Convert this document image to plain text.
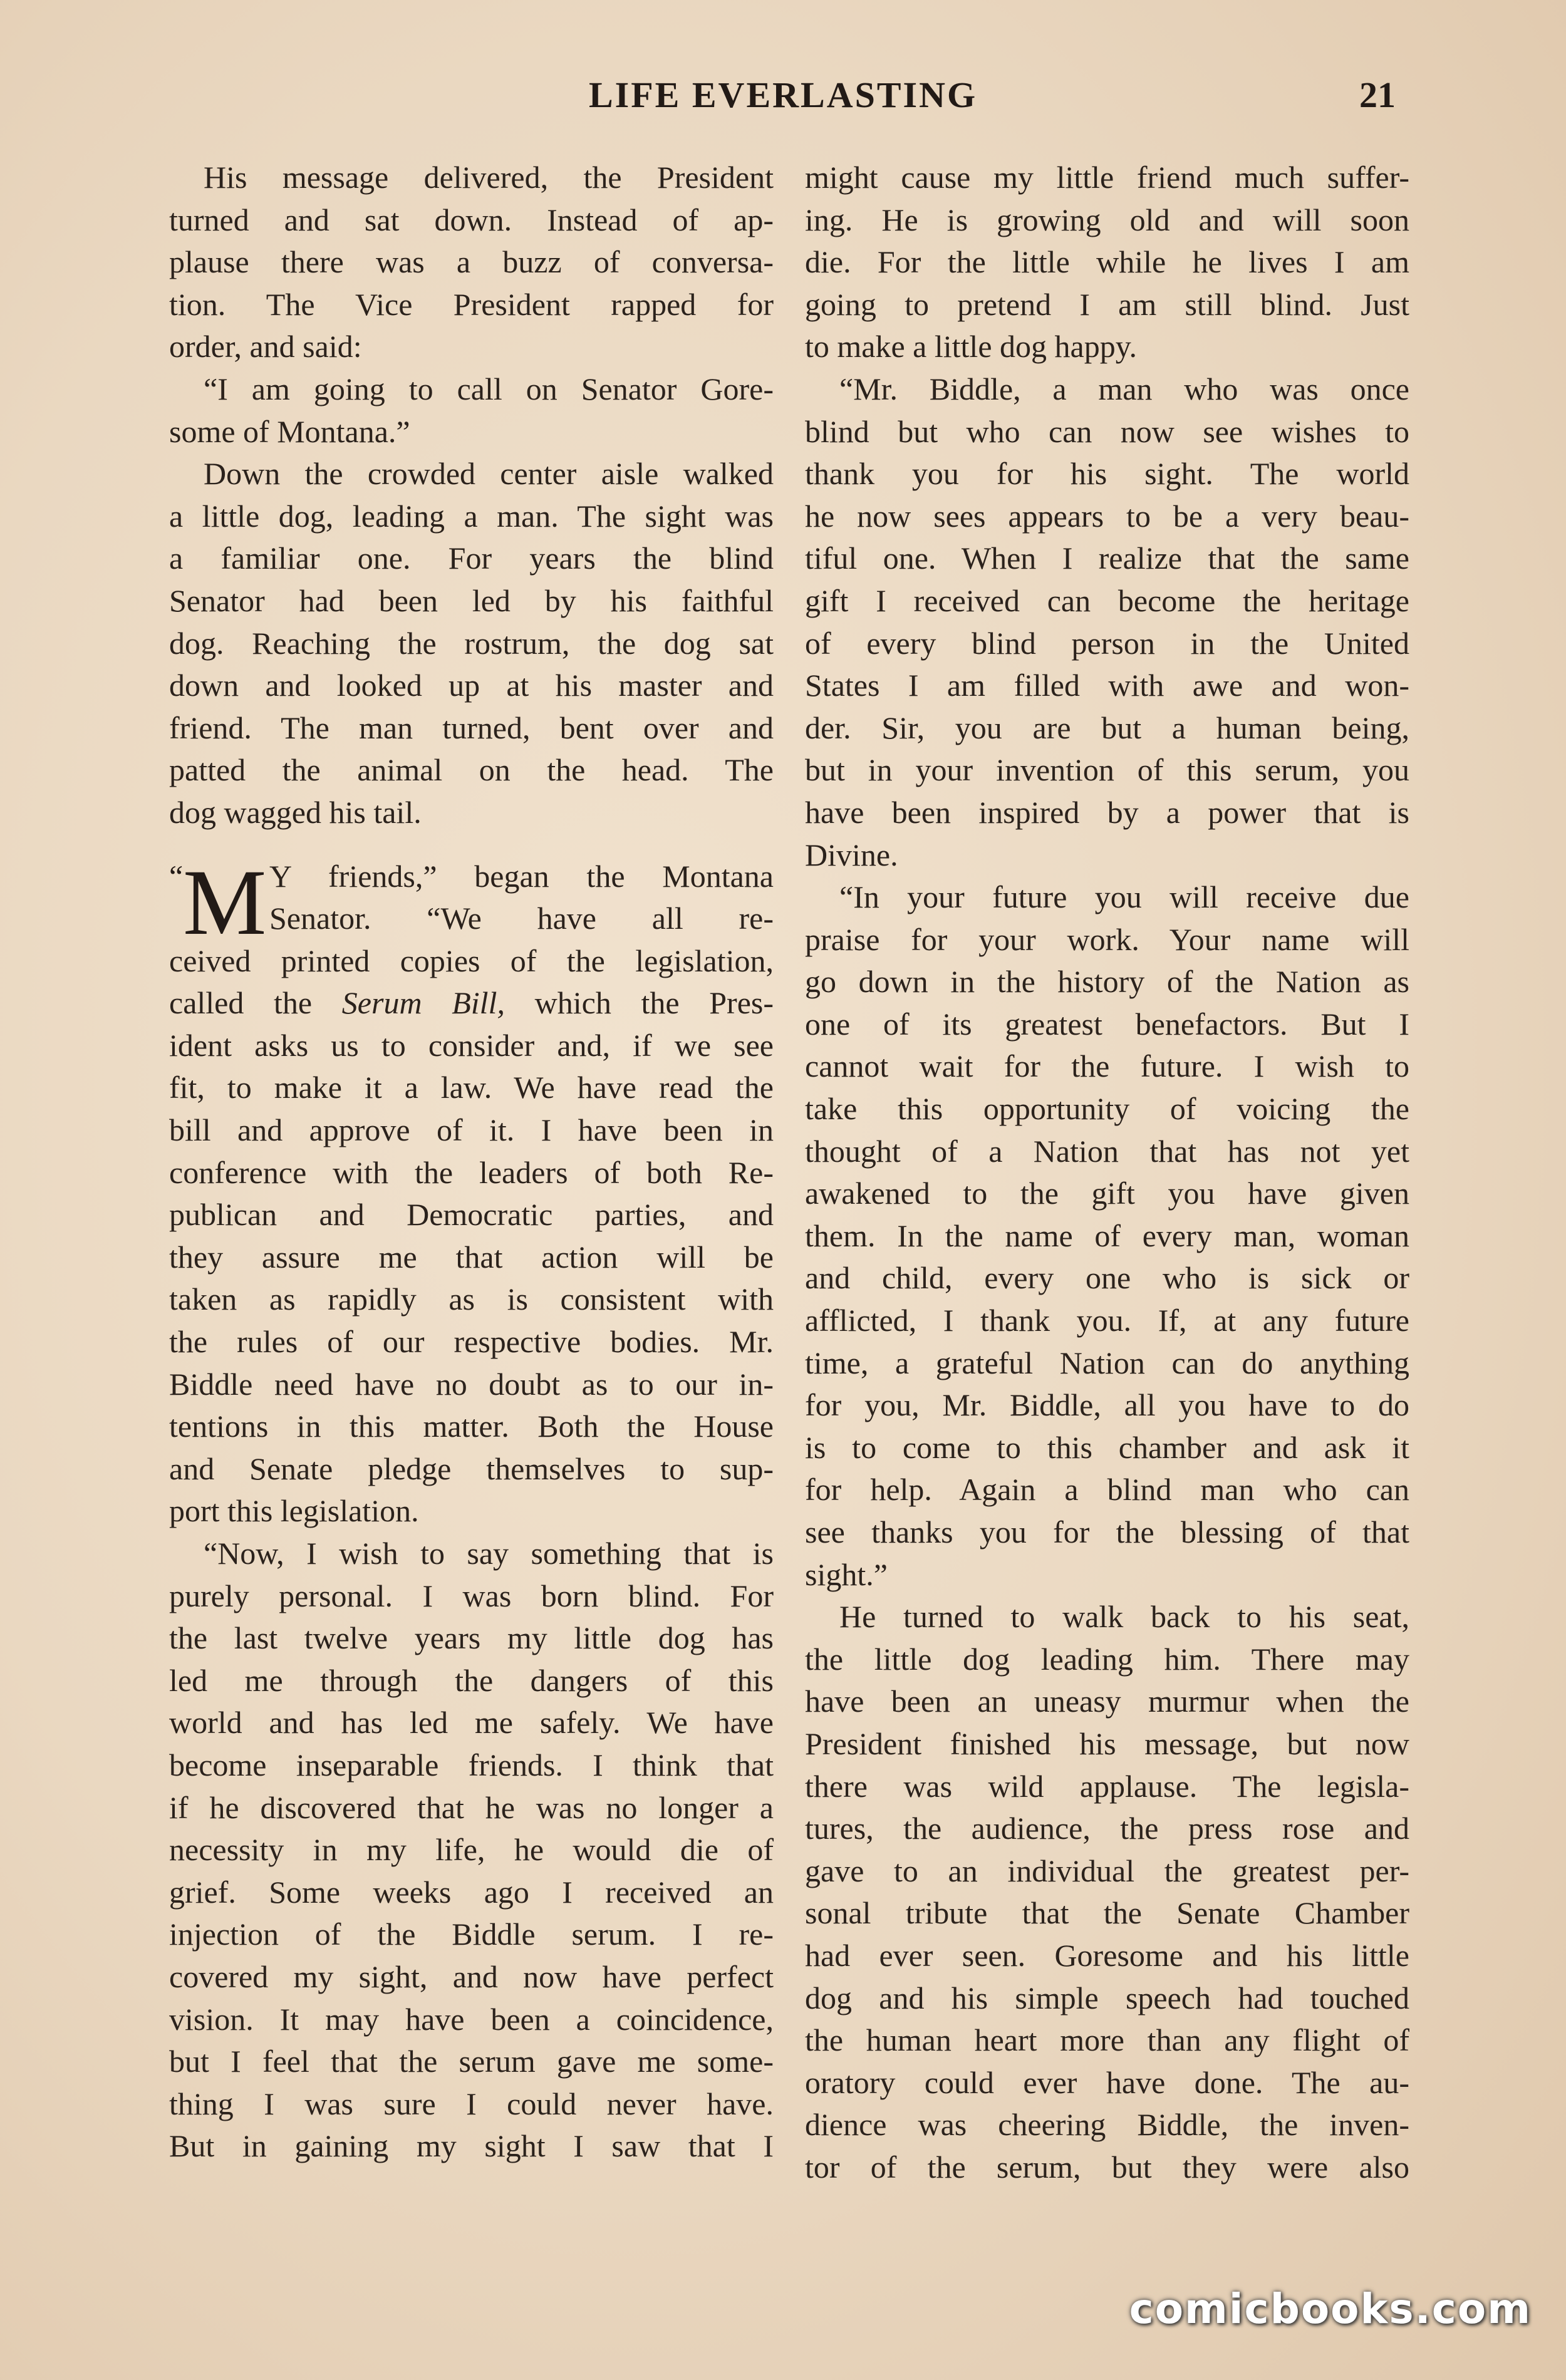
LIFE EVERLASTING	21
His message delivered, the President
turned and sat down. Instead of ap-
plause there was a buzz of conversa-
tion. The Vice President rapped for
order, and said:
“I am going to call on Senator Gore-
some of Montana.”
Down the crowded center aisle walked
a little dog, leading a man. The sight was
a familiar one. For years the blind
Senator had been led by his faithful
dog. Reaching the rostrum, the dog sat
down and looked up at his master and
friend. The man turned, bent over and
patted the animal on the head. The
dog wagged his tail.
“ M Y friends,” began the Montana
Senator. “We have all re-
ceived printed copies of the legislation,
called the Serum Bill, which the Pres-
ident asks us to consider and, if we see
fit, to make it a law. We have read the
bill and approve of it. I have been in
conference with the leaders of both Re-
publican and Democratic parties, and
they assure me that action will be
taken as rapidly as is consistent with
the rules of our respective bodies. Mr.
Biddle need have no doubt as to our in-
tentions in this matter. Both the House
and Senate pledge themselves to sup-
port this legislation.
“Now, I wish to say something that is
purely personal. I was born blind. For
the last twelve years my little dog has
led me through the dangers of this
world and has led me safely. We have
become inseparable friends. I think that
if he discovered that he was no longer a
necessity in my life, he would die of
grief. Some weeks ago I received an
injection of the Biddle serum. I re-
covered my sight, and now have perfect
vision. It may have been a coincidence,
but I feel that the serum gave me some-
thing I was sure I could never have.
But in gaining my sight I saw that I
might cause my little friend much suffer-
ing. He is growing old and will soon
die. For the little while he lives I am
going to pretend I am still blind. Just
to make a little dog happy.
“Mr. Biddle, a man who was once
blind but who can now see wishes to
thank you for his sight. The world
he now sees appears to be a very beau-
tiful one. When I realize that the same
gift I received can become the heritage
of every blind person in the United
States I am filled with awe and won-
der. Sir, you are but a human being,
but in your invention of this serum, you
have been inspired by a power that is
Divine.
“In your future you will receive due
praise for your work. Your name will
go down in the history of the Nation as
one of its greatest benefactors. But I
cannot wait for the future. I wish to
take this opportunity of voicing the
thought of a Nation that has not yet
awakened to the gift you have given
them. In the name of every man, woman
and child, every one who is sick or
afflicted, I thank you. If, at any future
time, a grateful Nation can do anything
for you, Mr. Biddle, all you have to do
is to come to this chamber and ask it
for help. Again a blind man who can
see thanks you for the blessing of that
sight.”
He turned to walk back to his seat,
the little dog leading him. There may
have been an uneasy murmur when the
President finished his message, but now
there was wild applause. The legisla-
tures, the audience, the press rose and
gave to an individual the greatest per-
sonal tribute that the Senate Chamber
had ever seen. Goresome and his little
dog and his simple speech had touched
the human heart more than any flight of
oratory could ever have done. The au-
dience was cheering Biddle, the inven-
tor of the serum, but they were also
comicbooks.com
